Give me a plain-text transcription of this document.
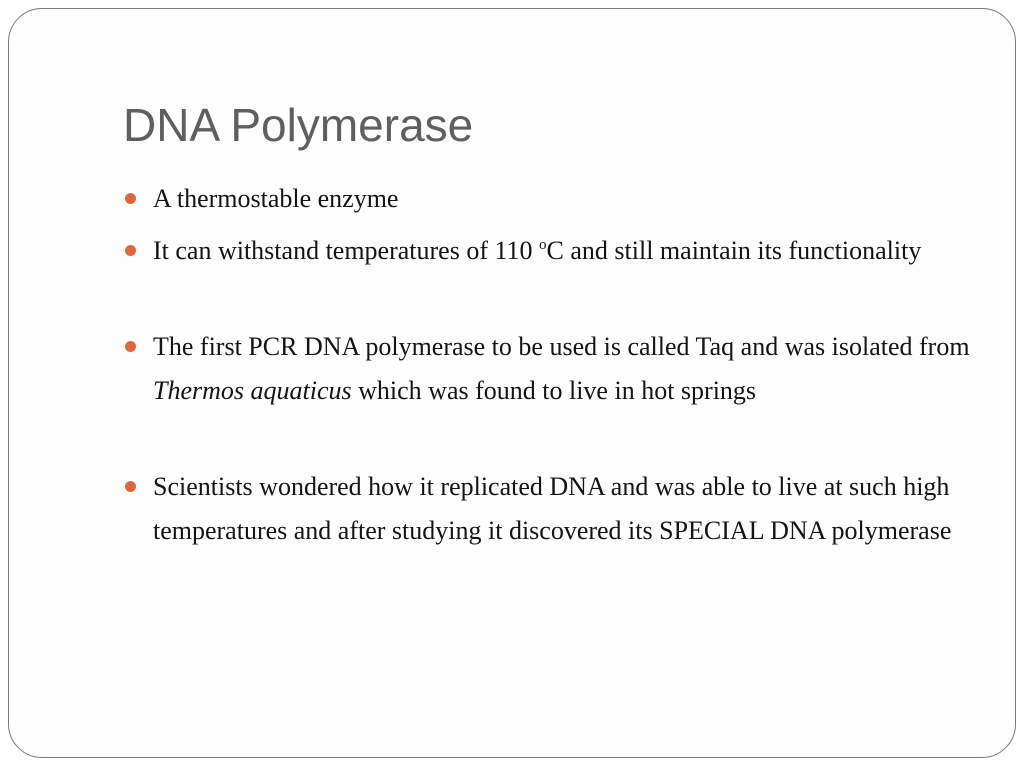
DNA Polymerase
A thermostable enzyme
It can withstand temperatures of 110 $^o$C and still maintain its functionality
The first PCR DNA polymerase to be used is called Taq and was isolated from Thermos aquaticus which was found to live in hot springs
Scientists wondered how it replicated DNA and was able to live at such high temperatures and after studying it discovered its SPECIAL DNA polymerase
